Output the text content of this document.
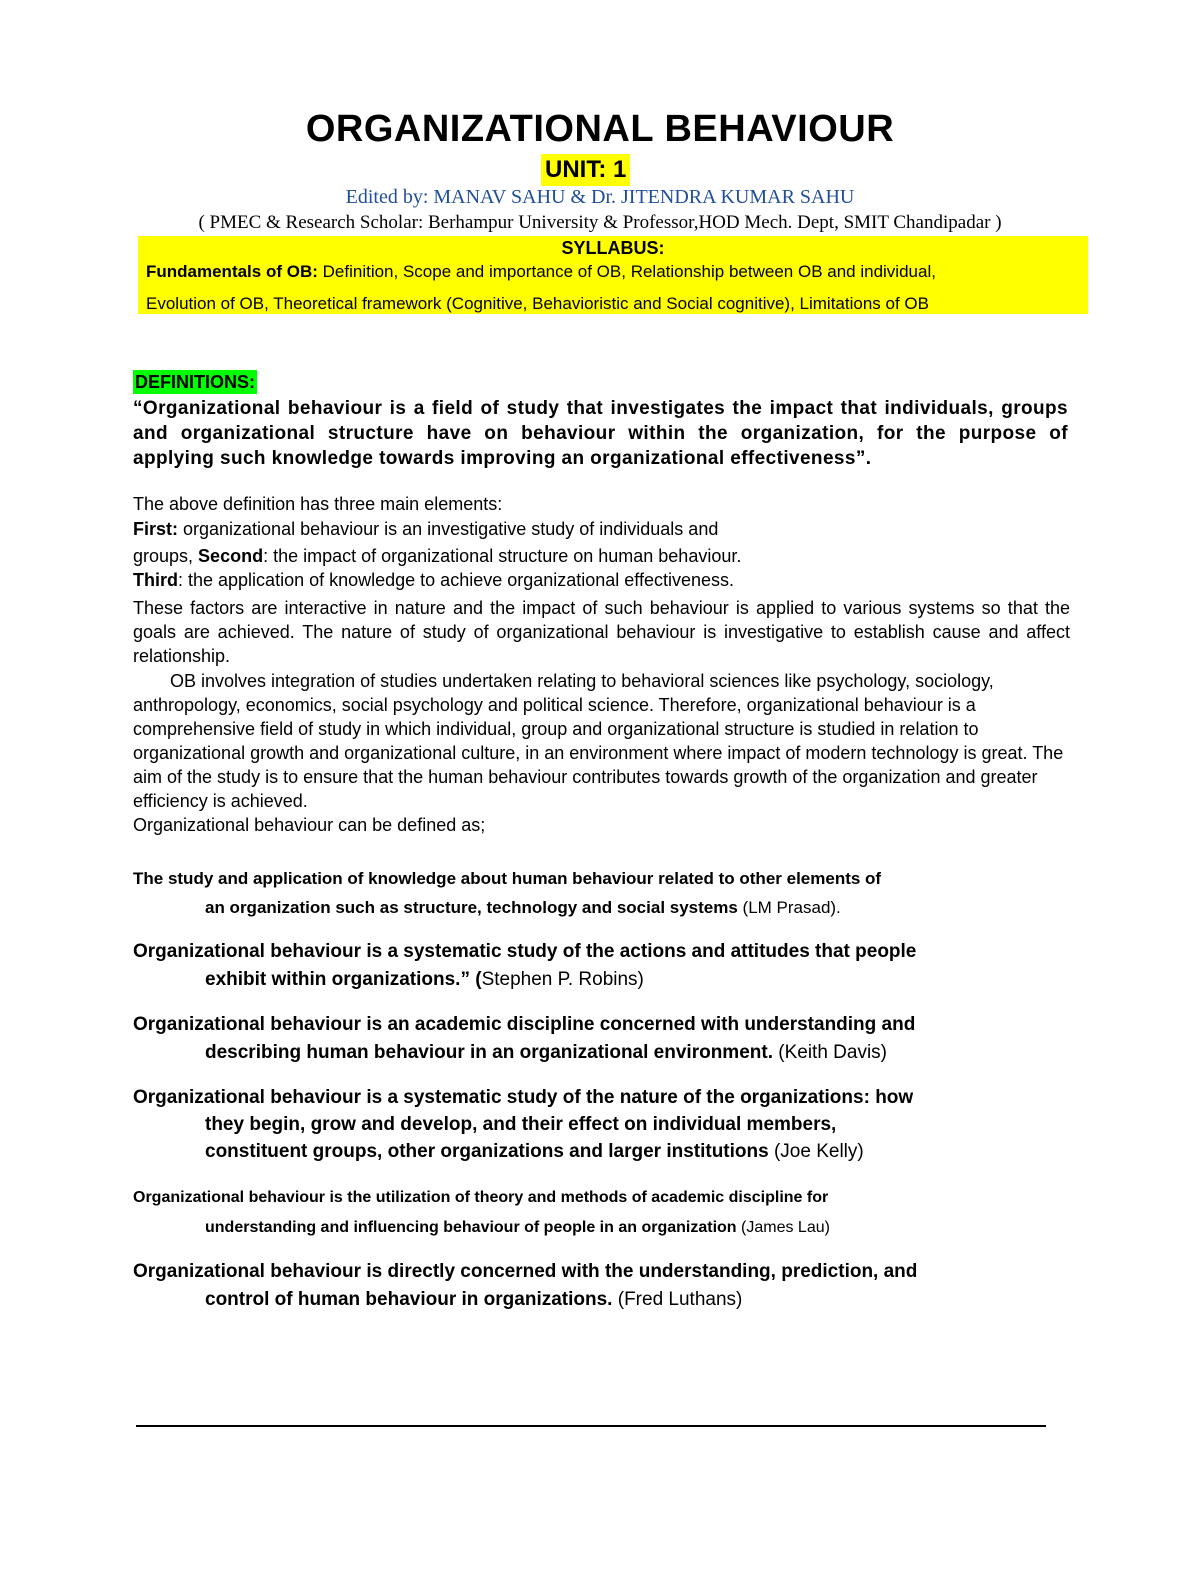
ORGANIZATIONAL BEHAVIOUR
UNIT: 1
Edited by: MANAV SAHU & Dr. JITENDRA KUMAR SAHU
( PMEC & Research Scholar: Berhampur University & Professor,HOD Mech. Dept, SMIT Chandipadar )
SYLLABUS:
Fundamentals of OB: Definition, Scope and importance of OB, Relationship between OB and individual,
Evolution of OB, Theoretical framework (Cognitive, Behavioristic and Social cognitive), Limitations of OB
DEFINITIONS:
“Organizational behaviour is a field of study that investigates the impact that individuals, groups and organizational structure have on behaviour within the organization, for the purpose of applying such knowledge towards improving an organizational effectiveness”.
The above definition has three main elements:
First: organizational behaviour is an investigative study of individuals and
groups, Second: the impact of organizational structure on human behaviour.
Third: the application of knowledge to achieve organizational effectiveness.
These factors are interactive in nature and the impact of such behaviour is applied to various systems so that the goals are achieved. The nature of study of organizational behaviour is investigative to establish cause and affect relationship.
OB involves integration of studies undertaken relating to behavioral sciences like psychology, sociology, anthropology, economics, social psychology and political science. Therefore, organizational behaviour is a comprehensive field of study in which individual, group and organizational structure is studied in relation to organizational growth and organizational culture, in an environment where impact of modern technology is great. The aim of the study is to ensure that the human behaviour contributes towards growth of the organization and greater efficiency is achieved.
Organizational behaviour can be defined as;
The study and application of knowledge about human behaviour related to other elements of
an organization such as structure, technology and social systems (LM Prasad).
Organizational behaviour is a systematic study of the actions and attitudes that people
exhibit within organizations.” (Stephen P. Robins)
Organizational behaviour is an academic discipline concerned with understanding and
describing human behaviour in an organizational environment. (Keith Davis)
Organizational behaviour is a systematic study of the nature of the organizations: how
they begin, grow and develop, and their effect on individual members,
constituent groups, other organizations and larger institutions (Joe Kelly)
Organizational behaviour is the utilization of theory and methods of academic discipline for
understanding and influencing behaviour of people in an organization (James Lau)
Organizational behaviour is directly concerned with the understanding, prediction, and
control of human behaviour in organizations. (Fred Luthans)
